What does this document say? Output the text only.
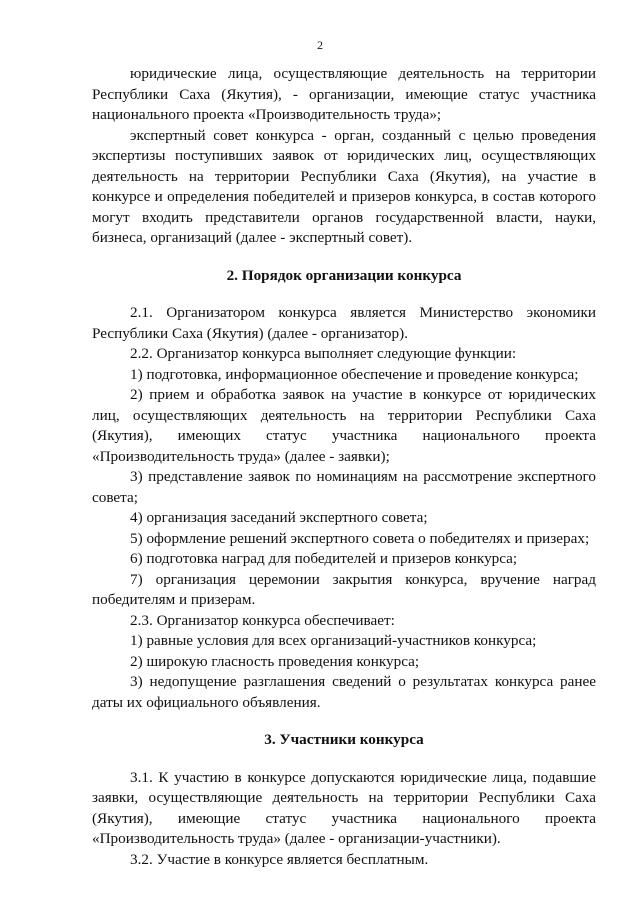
2

юридические лица, осуществляющие деятельность на территории Республики Саха (Якутия), - организации, имеющие статус участника национального проекта «Производительность труда»;

экспертный совет конкурса - орган, созданный с целью проведения экспертизы поступивших заявок от юридических лиц, осуществляющих деятельность на территории Республики Саха (Якутия), на участие в конкурсе и определения победителей и призеров конкурса, в состав которого могут входить представители органов государственной власти, науки, бизнеса, организаций (далее - экспертный совет).

2. Порядок организации конкурса

2.1. Организатором конкурса является Министерство экономики Республики Саха (Якутия) (далее - организатор).

2.2. Организатор конкурса выполняет следующие функции:

1) подготовка, информационное обеспечение и проведение конкурса;

2) прием и обработка заявок на участие в конкурсе от юридических лиц, осуществляющих деятельность на территории Республики Саха (Якутия), имеющих статус участника национального проекта «Производительность труда» (далее - заявки);

3) представление заявок по номинациям на рассмотрение экспертного совета;

4) организация заседаний экспертного совета;

5) оформление решений экспертного совета о победителях и призерах;

6) подготовка наград для победителей и призеров конкурса;

7) организация церемонии закрытия конкурса, вручение наград победителям и призерам.

2.3. Организатор конкурса обеспечивает:

1) равные условия для всех организаций-участников конкурса;

2) широкую гласность проведения конкурса;

3) недопущение разглашения сведений о результатах конкурса ранее даты их официального объявления.

3. Участники конкурса

3.1. К участию в конкурсе допускаются юридические лица, подавшие заявки, осуществляющие деятельность на территории Республики Саха (Якутия), имеющие статус участника национального проекта «Производительность труда» (далее - организации-участники).

3.2. Участие в конкурсе является бесплатным.
